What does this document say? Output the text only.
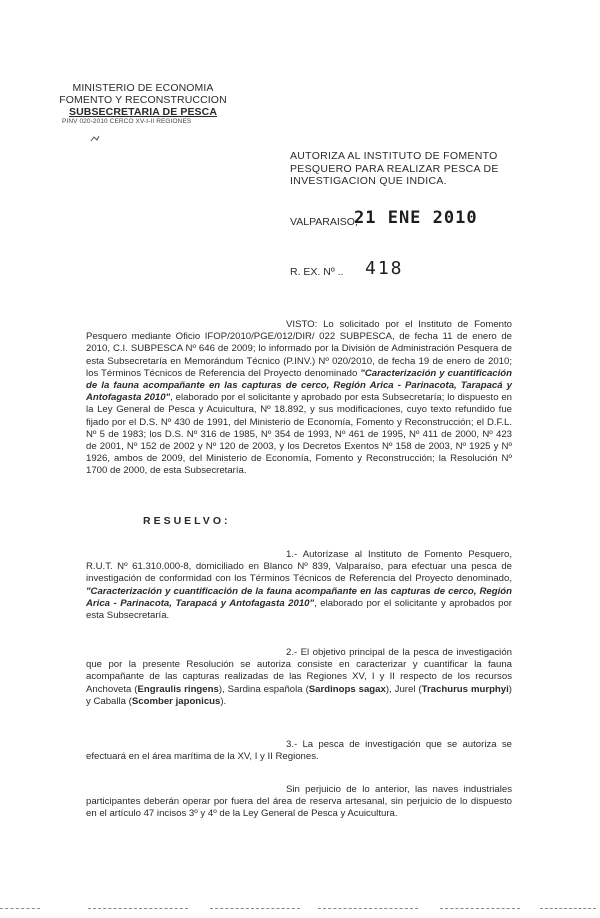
MINISTERIO DE ECONOMIA
FOMENTO Y RECONSTRUCCION
SUBSECRETARIA DE PESCA
PINV 020-2010 CERCO XV-I-II REGIONES
AUTORIZA AL INSTITUTO DE FOMENTO PESQUERO PARA REALIZAR PESCA DE INVESTIGACION QUE INDICA.
VALPARAISO,
21 ENE 2010
R. EX. Nº .. 418
VISTO: Lo solicitado por el Instituto de Fomento Pesquero mediante Oficio IFOP/2010/PGE/012/DIR/ 022 SUBPESCA, de fecha 11 de enero de 2010, C.I. SUBPESCA Nº 646 de 2009; lo informado por la División de Administración Pesquera de esta Subsecretaría en Memorándum Técnico (P.INV.) Nº 020/2010, de fecha 19 de enero de 2010; los Términos Técnicos de Referencia del Proyecto denominado "Caracterización y cuantificación de la fauna acompañante en las capturas de cerco, Región Arica - Parinacota, Tarapacá y Antofagasta 2010", elaborado por el solicitante y aprobado por esta Subsecretaría; lo dispuesto en la Ley General de Pesca y Acuicultura, Nº 18.892, y sus modificaciones, cuyo texto refundido fue fijado por el D.S. Nº 430 de 1991, del Ministerio de Economía, Fomento y Reconstrucción; el D.F.L. Nº 5 de 1983; los D.S. Nº 316 de 1985, Nº 354 de 1993, Nº 461 de 1995, Nº 411 de 2000, Nº 423 de 2001, Nº 152 de 2002 y Nº 120 de 2003, y los Decretos Exentos Nº 158 de 2003, Nº 1925 y Nº 1926, ambos de 2009, del Ministerio de Economía, Fomento y Reconstrucción; la Resolución Nº 1700 de 2000, de esta Subsecretaría.
RESUELVO:
1.- Autorízase al Instituto de Fomento Pesquero, R.U.T. Nº 61.310.000-8, domiciliado en Blanco Nº 839, Valparaíso, para efectuar una pesca de investigación de conformidad con los Términos Técnicos de Referencia del Proyecto denominado, "Caracterización y cuantificación de la fauna acompañante en las capturas de cerco, Región Arica - Parinacota, Tarapacá y Antofagasta 2010", elaborado por el solicitante y aprobados por esta Subsecretaría.
2.- El objetivo principal de la pesca de investigación que por la presente Resolución se autoriza consiste en caracterizar y cuantificar la fauna acompañante de las capturas realizadas de las Regiones XV, I y II respecto de los recursos Anchoveta (Engraulis ringens), Sardina española (Sardinops sagax), Jurel (Trachurus murphyi) y Caballa (Scomber japonicus).
3.- La pesca de investigación que se autoriza se efectuará en el área marítima de la XV, I y II Regiones.
Sin perjuicio de lo anterior, las naves industriales participantes deberán operar por fuera del área de reserva artesanal, sin perjuicio de lo dispuesto en el artículo 47 incisos 3º y 4º de la Ley General de Pesca y Acuicultura.
